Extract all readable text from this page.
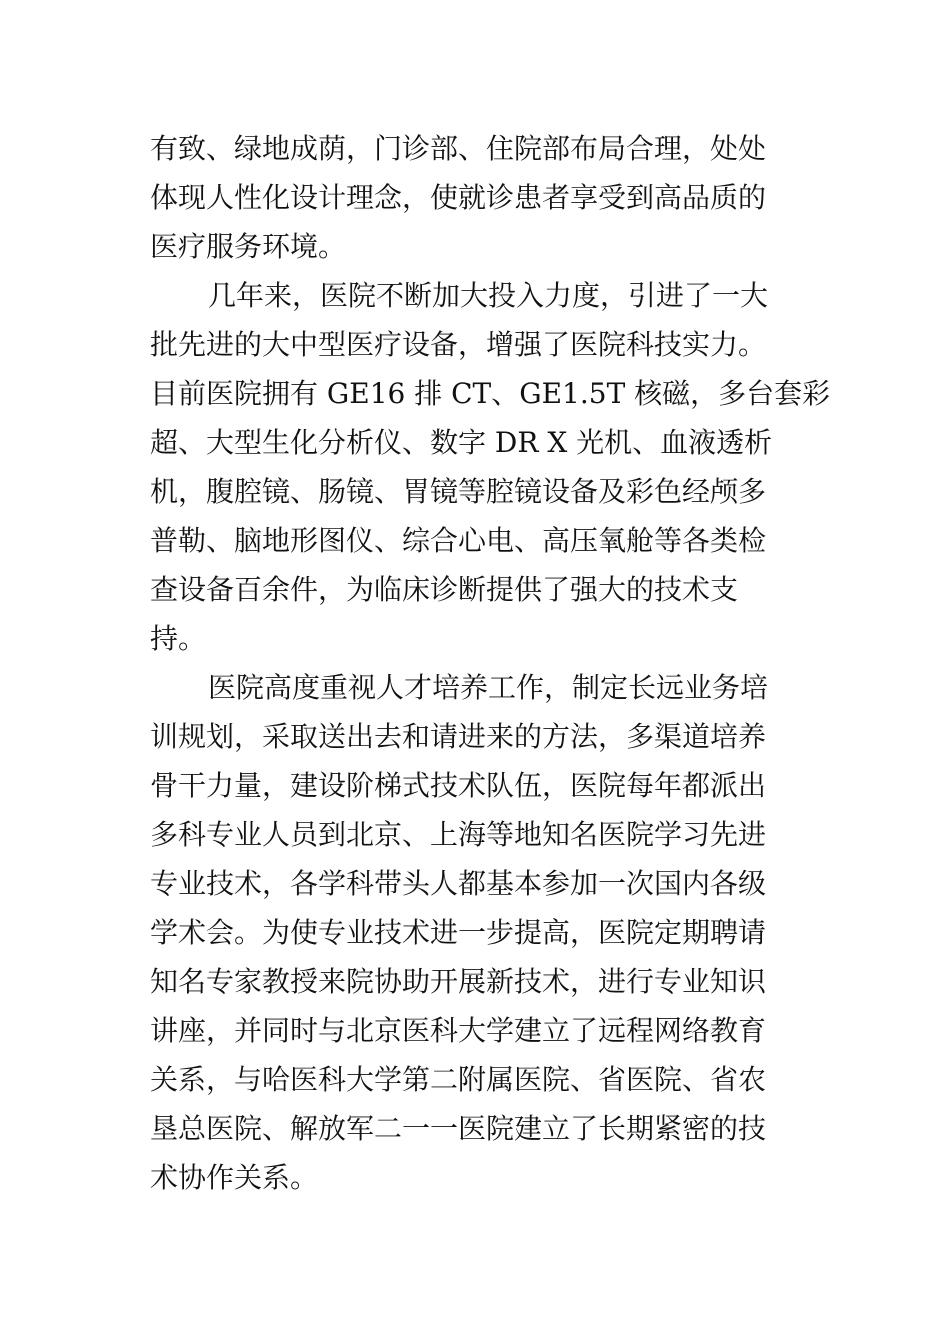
有致、绿地成荫，门诊部、住院部布局合理，处处
体现人性化设计理念，使就诊患者享受到高品质的
医疗服务环境。
几年来，医院不断加大投入力度，引进了一大
批先进的大中型医疗设备，增强了医院科技实力。
目前医院拥有 GE16 排 CT、GE1.5T 核磁，多台套彩
超、大型生化分析仪、数字 DR X 光机、血液透析
机，腹腔镜、肠镜、胃镜等腔镜设备及彩色经颅多
普勒、脑地形图仪、综合心电、高压氧舱等各类检
查设备百余件，为临床诊断提供了强大的技术支
持。
医院高度重视人才培养工作，制定长远业务培
训规划，采取送出去和请进来的方法，多渠道培养
骨干力量，建设阶梯式技术队伍，医院每年都派出
多科专业人员到北京、上海等地知名医院学习先进
专业技术，各学科带头人都基本参加一次国内各级
学术会。为使专业技术进一步提高，医院定期聘请
知名专家教授来院协助开展新技术，进行专业知识
讲座，并同时与北京医科大学建立了远程网络教育
关系，与哈医科大学第二附属医院、省医院、省农
垦总医院、解放军二一一医院建立了长期紧密的技
术协作关系。
